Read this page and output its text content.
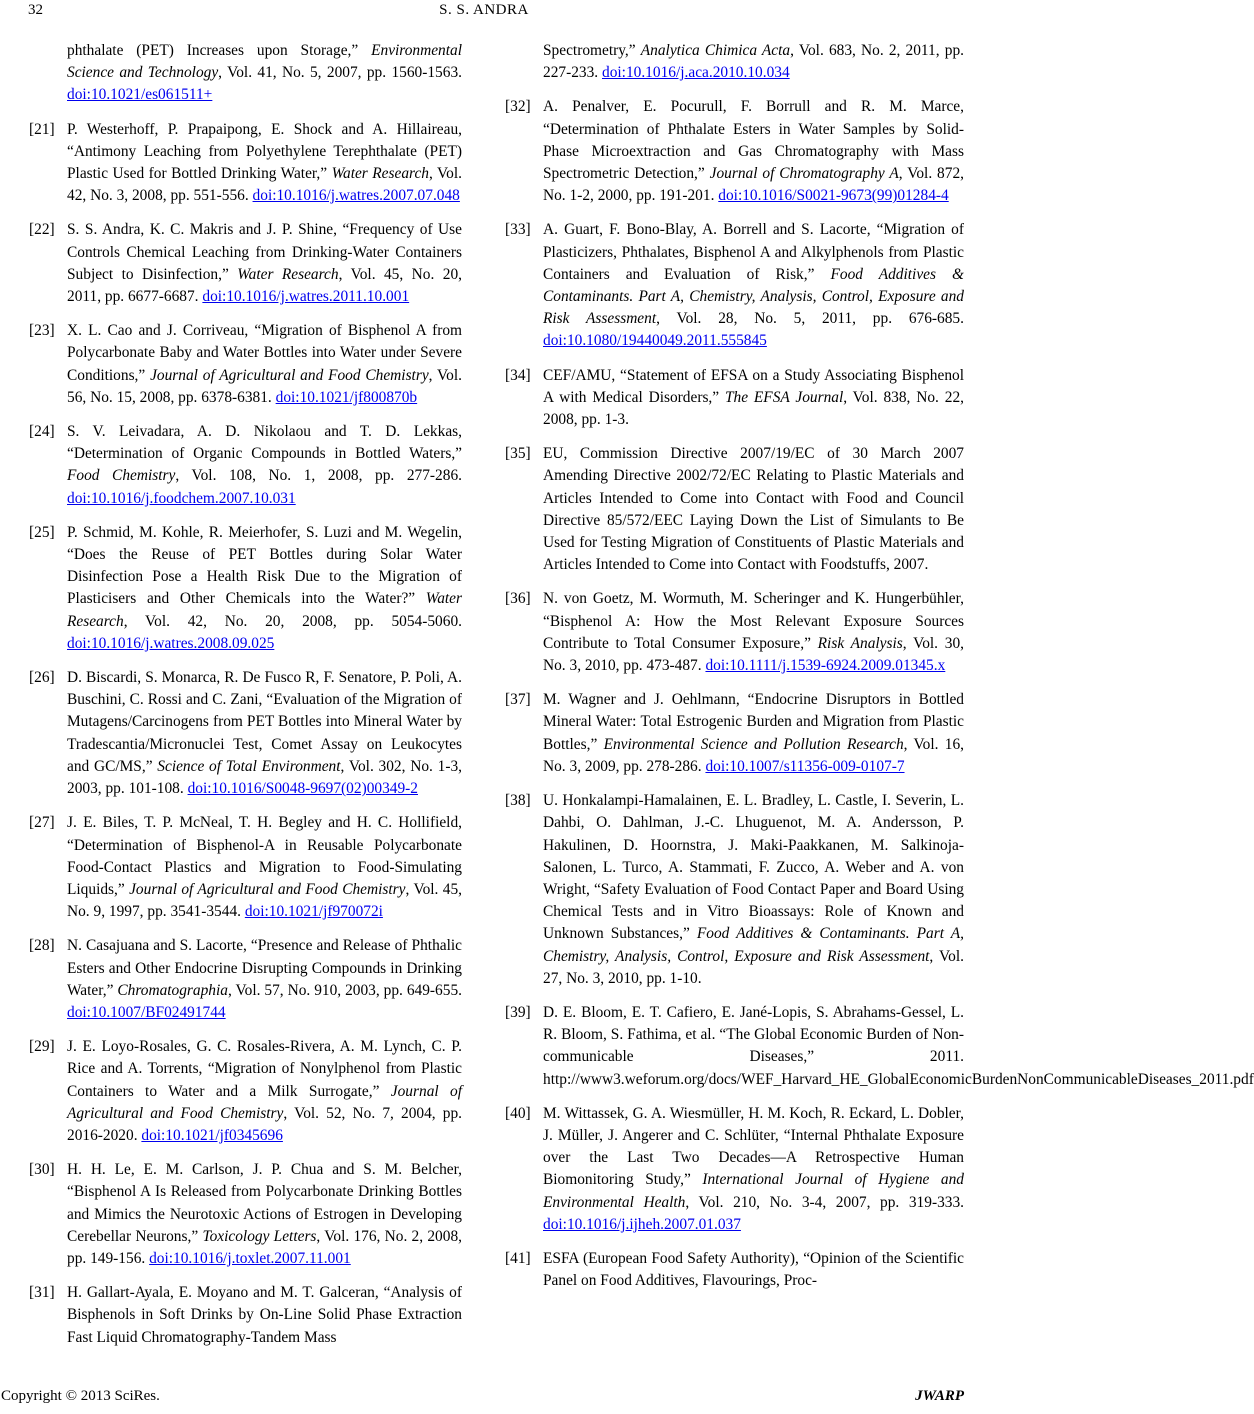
32	S. S. ANDRA
phthalate (PET) Increases upon Storage,” Environmental Science and Technology, Vol. 41, No. 5, 2007, pp. 1560-1563. doi:10.1021/es061511+
[21] P. Westerhoff, P. Prapaipong, E. Shock and A. Hillaireau, “Antimony Leaching from Polyethylene Terephthalate (PET) Plastic Used for Bottled Drinking Water,” Water Research, Vol. 42, No. 3, 2008, pp. 551-556. doi:10.1016/j.watres.2007.07.048
[22] S. S. Andra, K. C. Makris and J. P. Shine, “Frequency of Use Controls Chemical Leaching from Drinking-Water Containers Subject to Disinfection,” Water Research, Vol. 45, No. 20, 2011, pp. 6677-6687. doi:10.1016/j.watres.2011.10.001
[23] X. L. Cao and J. Corriveau, “Migration of Bisphenol A from Polycarbonate Baby and Water Bottles into Water under Severe Conditions,” Journal of Agricultural and Food Chemistry, Vol. 56, No. 15, 2008, pp. 6378-6381. doi:10.1021/jf800870b
[24] S. V. Leivadara, A. D. Nikolaou and T. D. Lekkas, “Determination of Organic Compounds in Bottled Waters,” Food Chemistry, Vol. 108, No. 1, 2008, pp. 277-286. doi:10.1016/j.foodchem.2007.10.031
[25] P. Schmid, M. Kohle, R. Meierhofer, S. Luzi and M. Wegelin, “Does the Reuse of PET Bottles during Solar Water Disinfection Pose a Health Risk Due to the Migration of Plasticisers and Other Chemicals into the Water?” Water Research, Vol. 42, No. 20, 2008, pp. 5054-5060. doi:10.1016/j.watres.2008.09.025
[26] D. Biscardi, S. Monarca, R. De Fusco R, F. Senatore, P. Poli, A. Buschini, C. Rossi and C. Zani, “Evaluation of the Migration of Mutagens/Carcinogens from PET Bottles into Mineral Water by Tradescantia/Micronuclei Test, Comet Assay on Leukocytes and GC/MS,” Science of Total Environment, Vol. 302, No. 1-3, 2003, pp. 101-108. doi:10.1016/S0048-9697(02)00349-2
[27] J. E. Biles, T. P. McNeal, T. H. Begley and H. C. Hollifield, “Determination of Bisphenol-A in Reusable Polycarbonate Food-Contact Plastics and Migration to Food-Simulating Liquids,” Journal of Agricultural and Food Chemistry, Vol. 45, No. 9, 1997, pp. 3541-3544. doi:10.1021/jf970072i
[28] N. Casajuana and S. Lacorte, “Presence and Release of Phthalic Esters and Other Endocrine Disrupting Compounds in Drinking Water,” Chromatographia, Vol. 57, No. 910, 2003, pp. 649-655. doi:10.1007/BF02491744
[29] J. E. Loyo-Rosales, G. C. Rosales-Rivera, A. M. Lynch, C. P. Rice and A. Torrents, “Migration of Nonylphenol from Plastic Containers to Water and a Milk Surrogate,” Journal of Agricultural and Food Chemistry, Vol. 52, No. 7, 2004, pp. 2016-2020. doi:10.1021/jf0345696
[30] H. H. Le, E. M. Carlson, J. P. Chua and S. M. Belcher, “Bisphenol A Is Released from Polycarbonate Drinking Bottles and Mimics the Neurotoxic Actions of Estrogen in Developing Cerebellar Neurons,” Toxicology Letters, Vol. 176, No. 2, 2008, pp. 149-156. doi:10.1016/j.toxlet.2007.11.001
[31] H. Gallart-Ayala, E. Moyano and M. T. Galceran, “Analysis of Bisphenols in Soft Drinks by On-Line Solid Phase Extraction Fast Liquid Chromatography-Tandem Mass
Spectrometry,” Analytica Chimica Acta, Vol. 683, No. 2, 2011, pp. 227-233. doi:10.1016/j.aca.2010.10.034
[32] A. Penalver, E. Pocurull, F. Borrull and R. M. Marce, “Determination of Phthalate Esters in Water Samples by Solid-Phase Microextraction and Gas Chromatography with Mass Spectrometric Detection,” Journal of Chromatography A, Vol. 872, No. 1-2, 2000, pp. 191-201. doi:10.1016/S0021-9673(99)01284-4
[33] A. Guart, F. Bono-Blay, A. Borrell and S. Lacorte, “Migration of Plasticizers, Phthalates, Bisphenol A and Alkylphenols from Plastic Containers and Evaluation of Risk,” Food Additives & Contaminants. Part A, Chemistry, Analysis, Control, Exposure and Risk Assessment, Vol. 28, No. 5, 2011, pp. 676-685. doi:10.1080/19440049.2011.555845
[34] CEF/AMU, “Statement of EFSA on a Study Associating Bisphenol A with Medical Disorders,” The EFSA Journal, Vol. 838, No. 22, 2008, pp. 1-3.
[35] EU, Commission Directive 2007/19/EC of 30 March 2007 Amending Directive 2002/72/EC Relating to Plastic Materials and Articles Intended to Come into Contact with Food and Council Directive 85/572/EEC Laying Down the List of Simulants to Be Used for Testing Migration of Constituents of Plastic Materials and Articles Intended to Come into Contact with Foodstuffs, 2007.
[36] N. von Goetz, M. Wormuth, M. Scheringer and K. Hungerbühler, “Bisphenol A: How the Most Relevant Exposure Sources Contribute to Total Consumer Exposure,” Risk Analysis, Vol. 30, No. 3, 2010, pp. 473-487. doi:10.1111/j.1539-6924.2009.01345.x
[37] M. Wagner and J. Oehlmann, “Endocrine Disruptors in Bottled Mineral Water: Total Estrogenic Burden and Migration from Plastic Bottles,” Environmental Science and Pollution Research, Vol. 16, No. 3, 2009, pp. 278-286. doi:10.1007/s11356-009-0107-7
[38] U. Honkalampi-Hamalainen, E. L. Bradley, L. Castle, I. Severin, L. Dahbi, O. Dahlman, J.-C. Lhuguenot, M. A. Andersson, P. Hakulinen, D. Hoornstra, J. Maki-Paakkanen, M. Salkinoja-Salonen, L. Turco, A. Stammati, F. Zucco, A. Weber and A. von Wright, “Safety Evaluation of Food Contact Paper and Board Using Chemical Tests and in Vitro Bioassays: Role of Known and Unknown Substances,” Food Additives & Contaminants. Part A, Chemistry, Analysis, Control, Exposure and Risk Assessment, Vol. 27, No. 3, 2010, pp. 1-10.
[39] D. E. Bloom, E. T. Cafiero, E. Jané-Lopis, S. Abrahams-Gessel, L. R. Bloom, S. Fathima, et al. “The Global Economic Burden of Non-communicable Diseases,” 2011. http://www3.weforum.org/docs/WEF_Harvard_HE_GlobalEconomicBurdenNonCommunicableDiseases_2011.pdf
[40] M. Wittassek, G. A. Wiesmüller, H. M. Koch, R. Eckard, L. Dobler, J. Müller, J. Angerer and C. Schlüter, “Internal Phthalate Exposure over the Last Two Decades—A Retrospective Human Biomonitoring Study,” International Journal of Hygiene and Environmental Health, Vol. 210, No. 3-4, 2007, pp. 319-333. doi:10.1016/j.ijheh.2007.01.037
[41] ESFA (European Food Safety Authority), “Opinion of the Scientific Panel on Food Additives, Flavourings, Proc-
Copyright © 2013 SciRes.	JWARP
